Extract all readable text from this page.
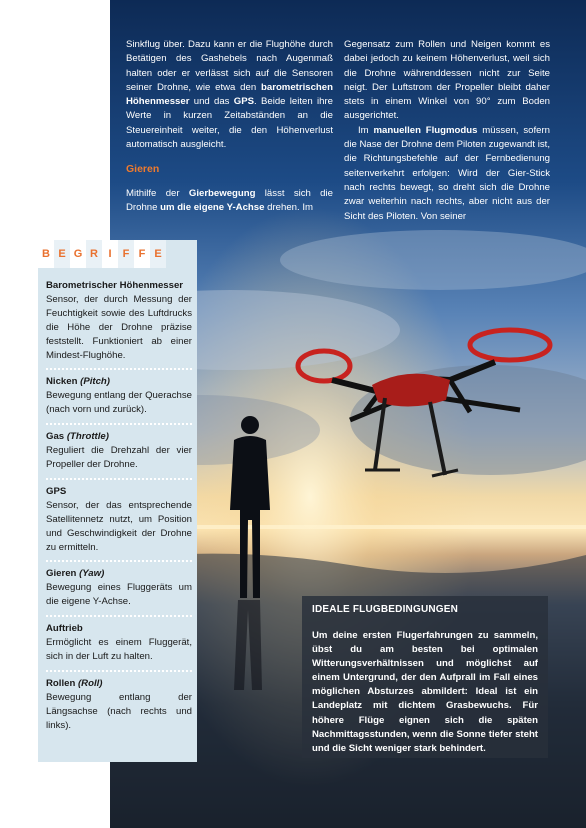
Sinkflug über. Dazu kann er die Flughöhe durch Betätigen des Gashebels nach Augenmaß halten oder er verlässt sich auf die Sensoren seiner Drohne, wie etwa den barometrischen Höhenmesser und das GPS. Beide leiten ihre Werte in kurzen Zeitabständen an die Steuereinheit weiter, die den Höhenverlust automatisch ausgleicht.

Gieren

Mithilfe der Gierbewegung lässt sich die Drohne um die eigene Y-Achse drehen. Im

Gegensatz zum Rollen und Neigen kommt es dabei jedoch zu keinem Höhenverlust, weil sich die Drohne währenddessen nicht zur Seite neigt. Der Luftstrom der Propeller bleibt daher stets in einem Winkel von 90° zum Boden ausgerichtet.

Im manuellen Flugmodus müssen, sofern die Nase der Drohne dem Piloten zugewandt ist, die Richtungsbefehle auf der Fernbedienung seitenverkehrt erfolgen: Wird der Gier-Stick nach rechts bewegt, so dreht sich die Drohne zwar weiterhin nach rechts, aber nicht aus der Sicht des Piloten. Von seiner

B E G R I	F F E
Barometrischer Höhenmesser
Sensor, der durch Messung der Feuchtigkeit sowie des Luftdrucks die Höhe der Drohne präzise feststellt. Funktioniert ab einer Mindest-Flughöhe.
Nicken (Pitch)
Bewegung entlang der Querachse (nach vorn und zurück).
Gas (Throttle)
Reguliert die Drehzahl der vier Propeller der Drohne.
GPS
Sensor, der das entsprechende Satellitennetz nutzt, um Position und Geschwindigkeit der Drohne zu ermitteln.
Gieren (Yaw)
Bewegung eines Fluggeräts um die eigene Y-Achse.
Auftrieb
Ermöglicht es einem Fluggerät, sich in der Luft zu halten.
Rollen (Roll)
Bewegung entlang der Längsachse (nach rechts und links).
IDEALE FLUGBEDINGUNGEN
Um deine ersten Flugerfahrungen zu sammeln, übst du am besten bei optimalen Witterungsverhältnissen und möglichst auf einem Untergrund, der den Aufprall im Fall eines möglichen Absturzes abmildert: Ideal ist ein Landeplatz mit dichtem Grasbewuchs. Für höhere Flüge eignen sich die späten Nachmittagsstunden, wenn die Sonne tiefer steht und die Sicht weniger stark behindert.
